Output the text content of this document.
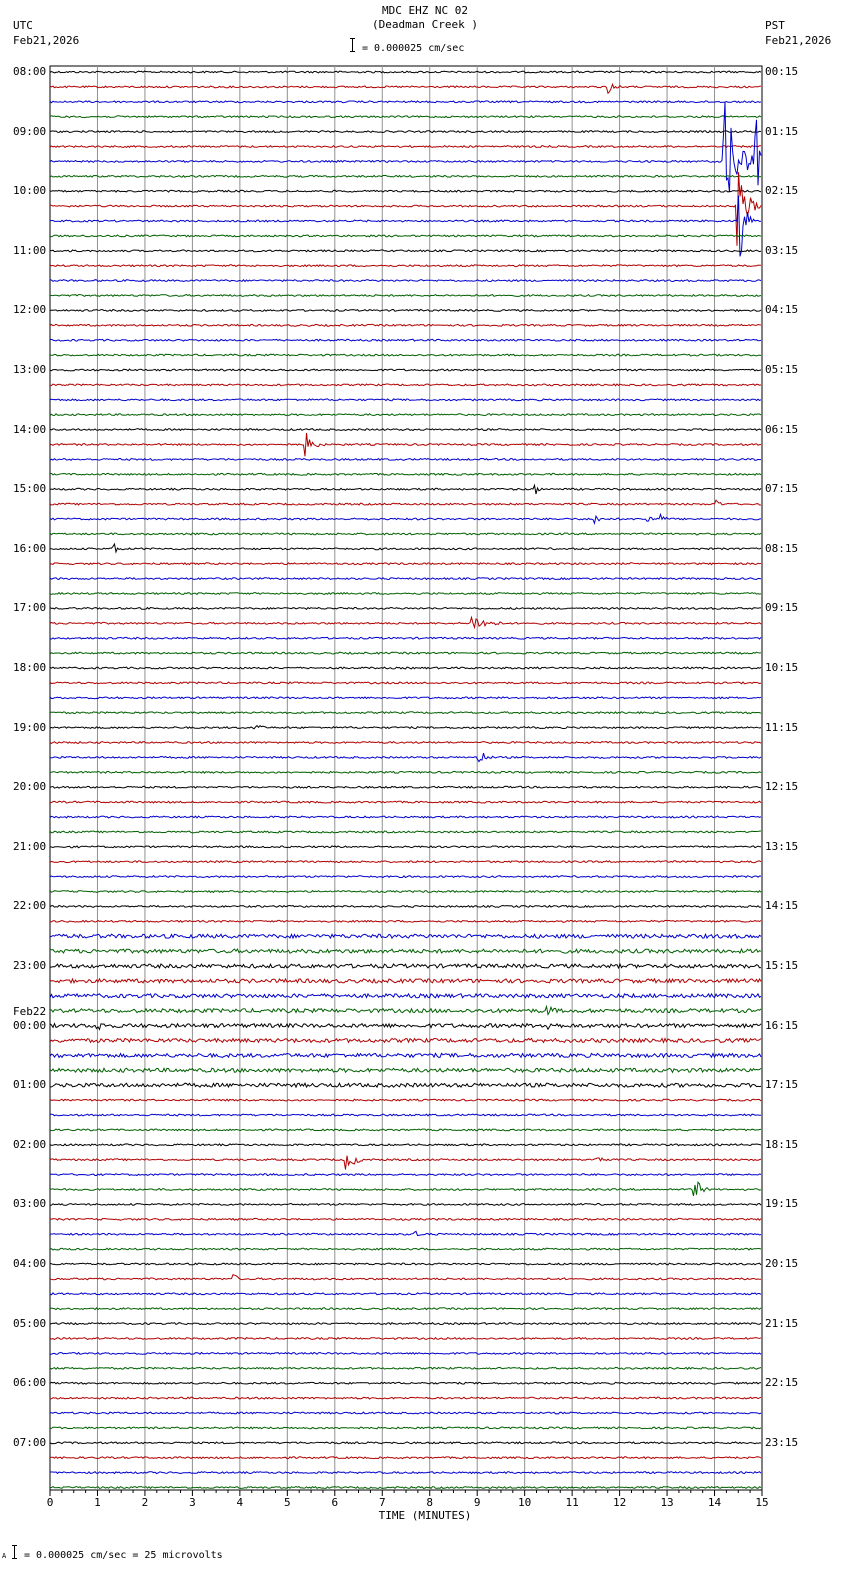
0	1	2	3	4	5	6	7	8	9	10	11	12	13	14	15
MDC EHZ NC 02
(Deadman Creek )
UTC
Feb21,2026
PST
Feb21,2026
= 0.000025 cm/sec
TIME (MINUTES)
A = 0.000025 cm/sec = 25 microvolts
08:00	00:15
09:00	01:15
10:00	02:15
11:00	03:15
12:00	04:15
13:00	05:15
14:00	06:15
15:00	07:15
16:00	08:15
17:00	09:15
18:00	10:15
19:00	11:15
20:00	12:15
21:00	13:15
22:00	14:15
23:00	15:15
00:00	16:15
Feb22
01:00	17:15
02:00	18:15
03:00	19:15
04:00	20:15
05:00	21:15
06:00	22:15
07:00	23:15
